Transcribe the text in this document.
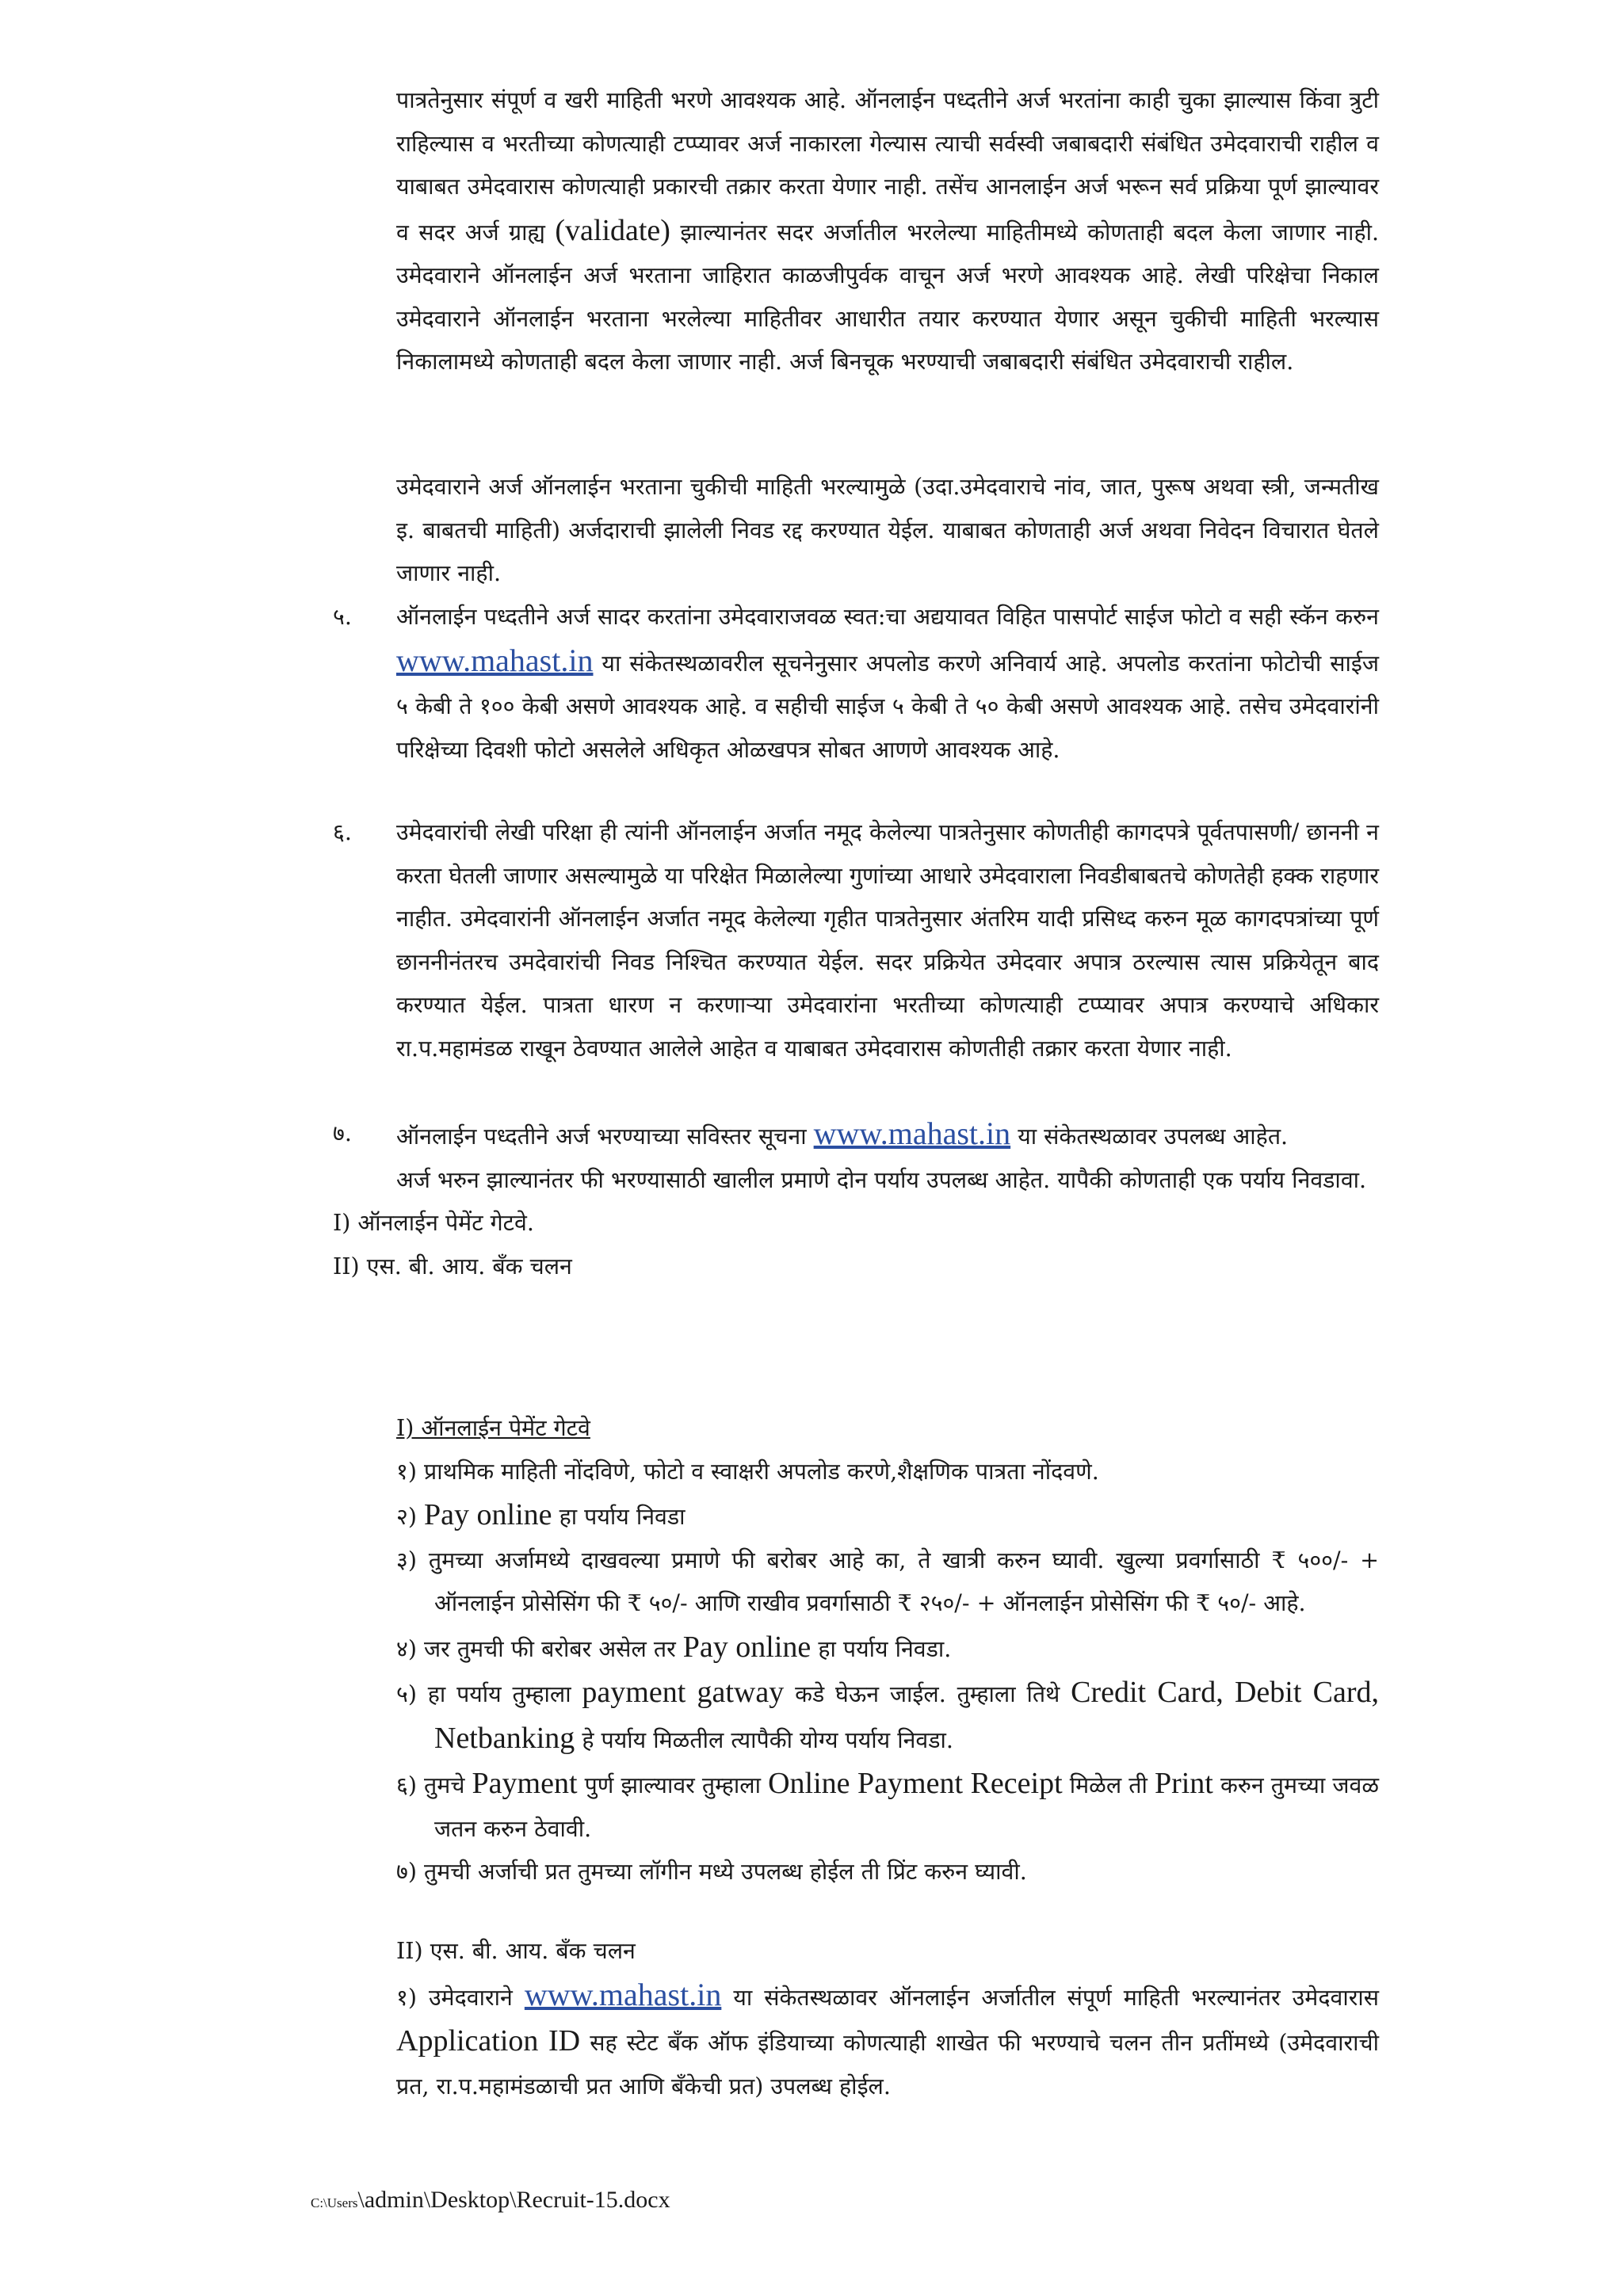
पात्रतेनुसार संपूर्ण व खरी माहिती भरणे आवश्यक आहे. ऑनलाईन पध्दतीने अर्ज भरतांना काही चुका झाल्यास किंवा त्रुटी राहिल्यास व भरतीच्या कोणत्याही टप्प्यावर अर्ज नाकारला गेल्यास त्याची सर्वस्वी जबाबदारी संबंधित उमेदवाराची राहील व याबाबत उमेदवारास कोणत्याही प्रकारची तक्रार करता येणार नाही. तसेंच आनलाईन अर्ज भरून सर्व प्रक्रिया पूर्ण झाल्यावर व सदर अर्ज ग्राह्य (validate) झाल्यानंतर सदर अर्जातील भरलेल्या माहितीमध्ये कोणताही बदल केला जाणार नाही. उमेदवाराने ऑनलाईन अर्ज भरताना जाहिरात काळजीपुर्वक वाचून अर्ज भरणे आवश्यक आहे. लेखी परिक्षेचा निकाल उमेदवाराने ऑनलाईन भरताना भरलेल्या माहितीवर आधारीत तयार करण्यात येणार असून चुकीची माहिती भरल्यास निकालामध्ये कोणताही बदल केला जाणार नाही. अर्ज बिनचूक भरण्याची जबाबदारी संबंधित उमेदवाराची राहील.

उमेदवाराने अर्ज ऑनलाईन भरताना चुकीची माहिती भरल्यामुळे (उदा.उमेदवाराचे नांव, जात, पुरूष अथवा स्त्री, जन्मतीख इ. बाबतची माहिती) अर्जदाराची झालेली निवड रद्द करण्यात येईल. याबाबत कोणताही अर्ज अथवा निवेदन विचारात घेतले जाणार नाही.

५. ऑनलाईन पध्दतीने अर्ज सादर करतांना उमेदवाराजवळ स्वत:चा अद्ययावत विहित पासपोर्ट साईज फोटो व सही स्कॅन करुन www.mahast.in या संकेतस्थळावरील सूचनेनुसार अपलोड करणे अनिवार्य आहे. अपलोड करतांना फोटोची साईज ५ केबी ते १०० केबी असणे आवश्यक आहे. व सहीची साईज ५ केबी ते ५० केबी असणे आवश्यक आहे. तसेच उमेदवारांनी परिक्षेच्या दिवशी फोटो असलेले अधिकृत ओळखपत्र सोबत आणणे आवश्यक आहे.

६. उमेदवारांची लेखी परिक्षा ही त्यांनी ऑनलाईन अर्जात नमूद केलेल्या पात्रतेनुसार कोणतीही कागदपत्रे पूर्वतपासणी/ छाननी न करता घेतली जाणार असल्यामुळे या परिक्षेत मिळालेल्या गुणांच्या आधारे उमेदवाराला निवडीबाबतचे कोणतेही हक्क राहणार नाहीत. उमेदवारांनी ऑनलाईन अर्जात नमूद केलेल्या गृहीत पात्रतेनुसार अंतरिम यादी प्रसिध्द करुन मूळ कागदपत्रांच्या पूर्ण छाननीनंतरच उमदेवारांची निवड निश्‍चित करण्यात येईल. सदर प्रक्रियेत उमेदवार अपात्र ठरल्यास त्यास प्रक्रियेतून बाद करण्यात येईल. पात्रता धारण न करणाऱ्या उमेदवारांना भरतीच्या कोणत्याही टप्प्यावर अपात्र करण्याचे अधिकार रा.प.महामंडळ राखून ठेवण्यात आलेले आहेत व याबाबत उमेदवारास कोणतीही तक्रार करता येणार नाही.

७. ऑनलाईन पध्दतीने अर्ज भरण्याच्या सविस्तर सूचना www.mahast.in या संकेतस्थळावर उपलब्ध आहेत.

अर्ज भरुन झाल्यानंतर फी भरण्यासाठी खालील प्रमाणे दोन पर्याय उपलब्ध आहेत. यापैकी कोणताही एक पर्याय निवडावा.

I) ऑनलाईन पेमेंट गेटवे.

II) एस. बी. आय. बँक चलन

I) ऑनलाईन पेमेंट गेटवे

१) प्राथमिक माहिती नोंदविणे, फोटो व स्वाक्षरी अपलोड करणे,शैक्षणिक पात्रता नोंदवणे.

२) Pay online हा पर्याय निवडा

३) तुमच्या अर्जामध्ये दाखवल्या प्रमाणे फी बरोबर आहे का, ते खात्री करुन घ्यावी. खुल्या प्रवर्गासाठी ₹ ५००/- + ऑनलाईन प्रोसेसिंग फी ₹ ५०/- आणि राखीव प्रवर्गासाठी ₹ २५०/- + ऑनलाईन प्रोसेसिंग फी ₹ ५०/- आहे.

४) जर तुमची फी बरोबर असेल तर Pay online हा पर्याय निवडा.

५) हा पर्याय तुम्हाला payment gatway कडे घेऊन जाईल. तुम्हाला तिथे Credit Card, Debit Card, Netbanking हे पर्याय मिळतील त्यापैकी योग्य पर्याय निवडा.

६) तुमचे Payment पुर्ण झाल्यावर तुम्हाला Online Payment Receipt मिळेल ती Print करुन तुमच्या जवळ जतन करुन ठेवावी.

७) तुमची अर्जाची प्रत तुमच्या लॉगीन मध्ये उपलब्ध होईल ती प्रिंट करुन घ्यावी.

II) एस. बी. आय. बँक चलन

१) उमेदवाराने www.mahast.in या संकेतस्थळावर ऑनलाईन अर्जातील संपूर्ण माहिती भरल्यानंतर उमेदवारास Application ID सह स्टेट बँक ऑफ इंडियाच्या कोणत्याही शाखेत फी भरण्याचे चलन तीन प्रतींमध्ये (उमेदवाराची प्रत, रा.प.महामंडळाची प्रत आणि बँकेची प्रत) उपलब्ध होईल.

C:\Users\admin\Desktop\Recruit-15.docx
